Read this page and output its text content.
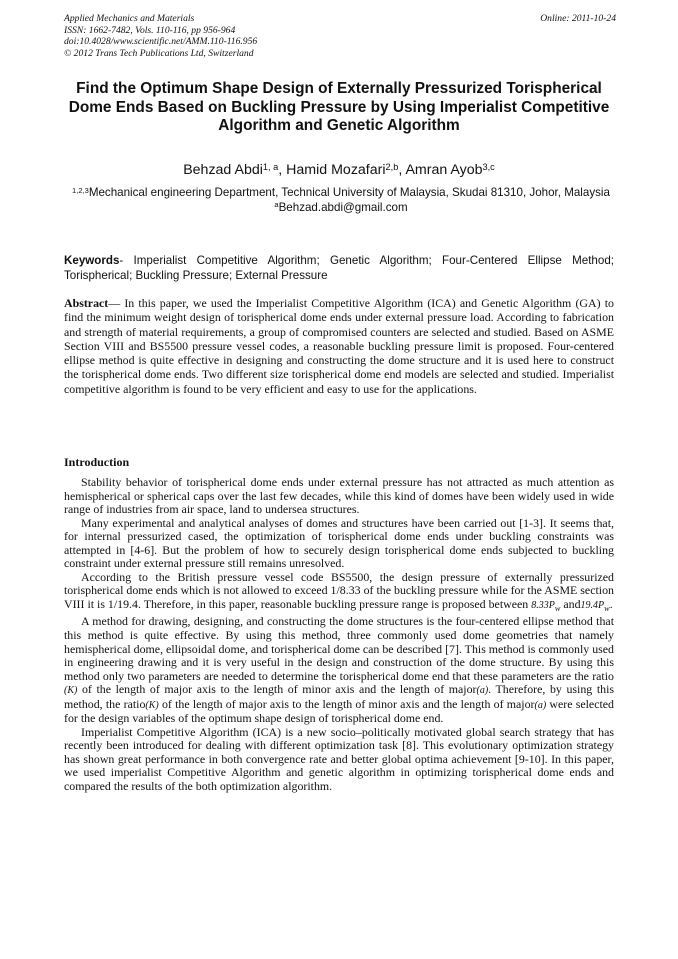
Applied Mechanics and Materials
ISSN: 1662-7482, Vols. 110-116, pp 956-964
doi:10.4028/www.scientific.net/AMM.110-116.956
© 2012 Trans Tech Publications Ltd, Switzerland
Online: 2011-10-24
Find the Optimum Shape Design of Externally Pressurized Torispherical Dome Ends Based on Buckling Pressure by Using Imperialist Competitive Algorithm and Genetic Algorithm
Behzad Abdi$^{1, a}$, Hamid Mozafari$^{2,b}$, Amran Ayob$^{3,c}$
$^{1,2,3}$Mechanical engineering Department, Technical University of Malaysia, Skudai 81310, Johor, Malaysia
$^a$Behzad.abdi@gmail.com
Keywords- Imperialist Competitive Algorithm; Genetic Algorithm; Four-Centered Ellipse Method; Torispherical; Buckling Pressure; External Pressure
Abstract— In this paper, we used the Imperialist Competitive Algorithm (ICA) and Genetic Algorithm (GA) to find the minimum weight design of torispherical dome ends under external pressure load. According to fabrication and strength of material requirements, a group of compromised counters are selected and studied. Based on ASME Section VIII and BS5500 pressure vessel codes, a reasonable buckling pressure limit is proposed. Four-centered ellipse method is quite effective in designing and constructing the dome structure and it is used here to construct the torispherical dome ends. Two different size torispherical dome end models are selected and studied. Imperialist competitive algorithm is found to be very efficient and easy to use for the applications.
Introduction

Stability behavior of torispherical dome ends under external pressure has not attracted as much attention as hemispherical or spherical caps over the last few decades, while this kind of domes have been widely used in wide range of industries from air space, land to undersea structures.

Many experimental and analytical analyses of domes and structures have been carried out [1-3]. It seems that, for internal pressurized cased, the optimization of torispherical dome ends under buckling constraints was attempted in [4-6]. But the problem of how to securely design torispherical dome ends subjected to buckling constraint under external pressure still remains unresolved.

According to the British pressure vessel code BS5500, the design pressure of externally pressurized torispherical dome ends which is not allowed to exceed 1/8.33 of the buckling pressure while for the ASME section VIII it is 1/19.4. Therefore, in this paper, reasonable buckling pressure range is proposed between $8.33P_w$ $and19.4P_w$.

A method for drawing, designing, and constructing the dome structures is the four-centered ellipse method that this method is quite effective. By using this method, three commonly used dome geometries that namely hemispherical dome, ellipsoidal dome, and torispherical dome can be described [7]. This method is commonly used in engineering drawing and it is very useful in the design and construction of the dome structure. By using this method only two parameters are needed to determine the torispherical dome end that these parameters are the ratio (K) of the length of major axis to the length of minor axis and the length of major(a). Therefore, by using this method, the ratio(K) of the length of major axis to the length of minor axis and the length of major(a) were selected for the design variables of the optimum shape design of torispherical dome end.

Imperialist Competitive Algorithm (ICA) is a new socio–politically motivated global search strategy that has recently been introduced for dealing with different optimization task [8]. This evolutionary optimization strategy has shown great performance in both convergence rate and better global optima achievement [9-10]. In this paper, we used imperialist Competitive Algorithm and genetic algorithm in optimizing torispherical dome ends and compared the results of the both optimization algorithm.
